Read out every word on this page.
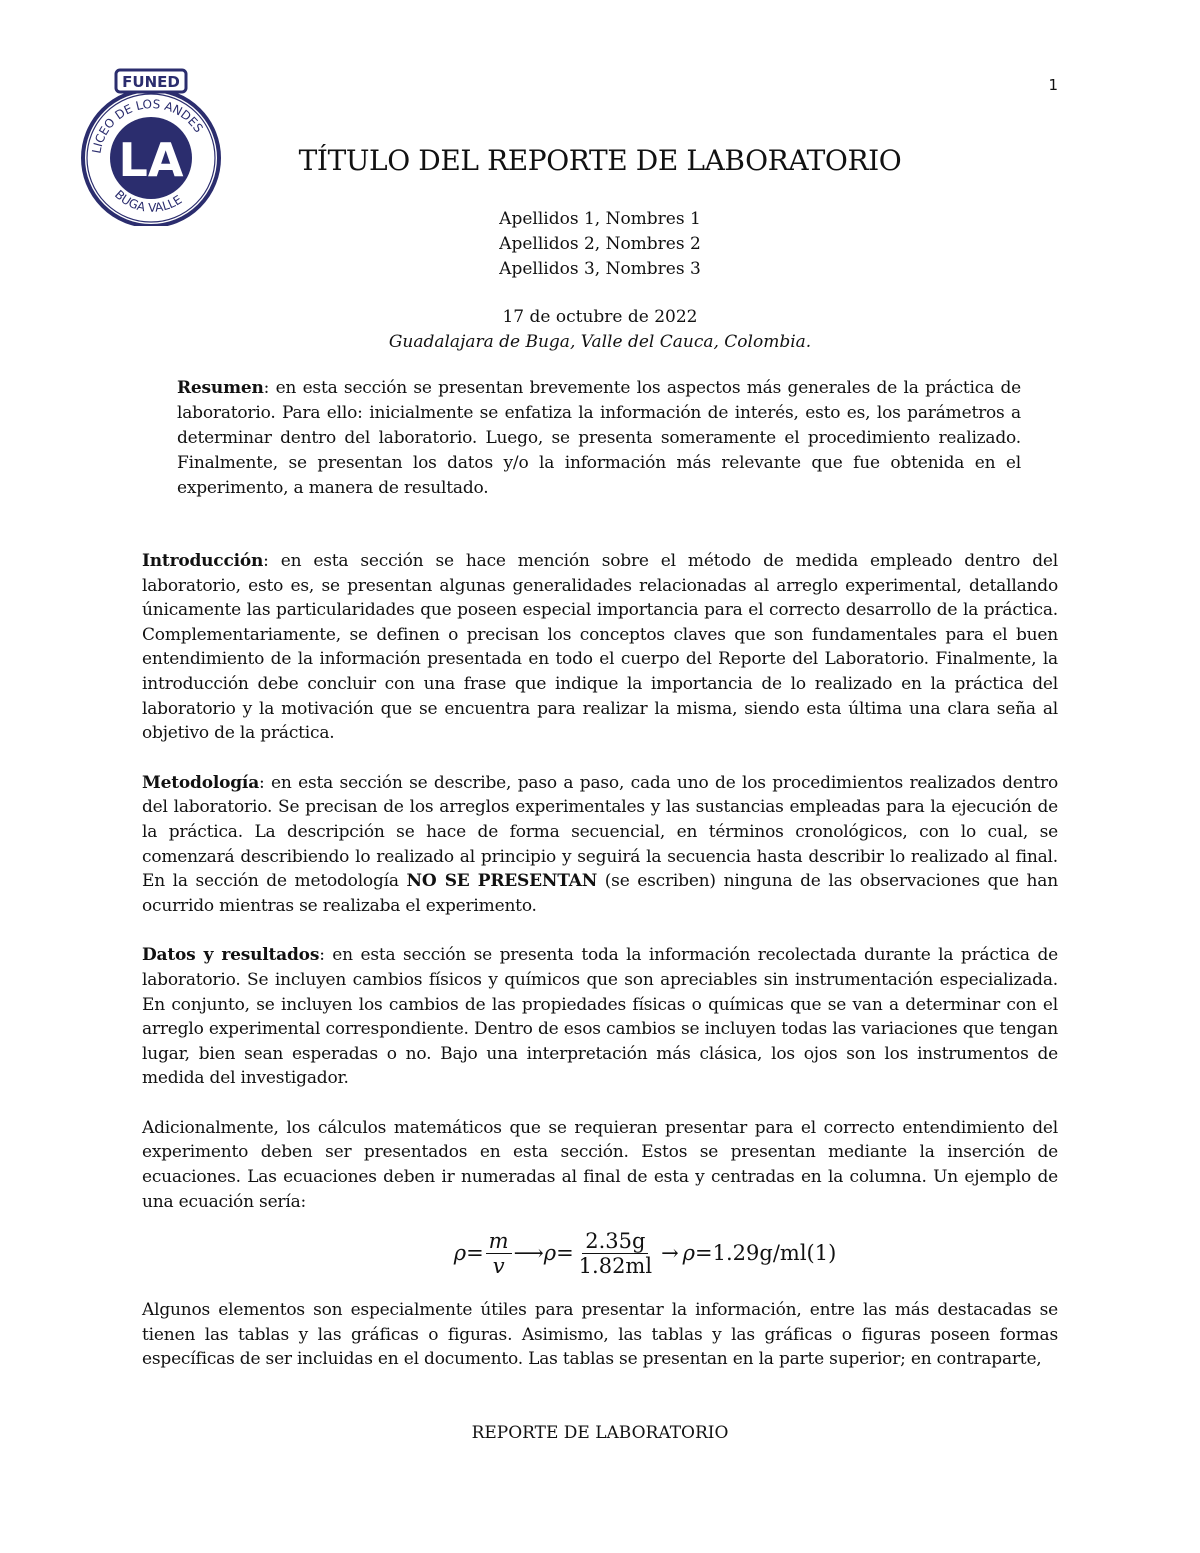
1
FUNED
LICEO DE LOS ANDES
LA
BUGA VALLE
TÍTULO DEL REPORTE DE LABORATORIO
Apellidos 1, Nombres 1
Apellidos 2, Nombres 2
Apellidos 3, Nombres 3
17 de octubre de 2022
Guadalajara de Buga, Valle del Cauca, Colombia.

Resumen: en esta sección se presentan brevemente los aspectos más generales de la práctica de laboratorio. Para ello: inicialmente se enfatiza la información de interés, esto es, los parámetros a determinar dentro del laboratorio. Luego, se presenta someramente el procedimiento realizado. Finalmente, se presentan los datos y/o la información más relevante que fue obtenida en el experimento, a manera de resultado.

Introducción: en esta sección se hace mención sobre el método de medida empleado dentro del laboratorio, esto es, se presentan algunas generalidades relacionadas al arreglo experimental, detallando únicamente las particularidades que poseen especial importancia para el correcto desarrollo de la práctica. Complementariamente, se definen o precisan los conceptos claves que son fundamentales para el buen entendimiento de la información presentada en todo el cuerpo del Reporte del Laboratorio. Finalmente, la introducción debe concluir con una frase que indique la importancia de lo realizado en la práctica del laboratorio y la motivación que se encuentra para realizar la misma, siendo esta última una clara seña al objetivo de la práctica.

Metodología: en esta sección se describe, paso a paso, cada uno de los procedimientos realizados dentro del laboratorio. Se precisan de los arreglos experimentales y las sustancias empleadas para la ejecución de la práctica. La descripción se hace de forma secuencial, en términos cronológicos, con lo cual, se comenzará describiendo lo realizado al principio y seguirá la secuencia hasta describir lo realizado al final. En la sección de metodología NO SE PRESENTAN (se escriben) ninguna de las observaciones que han ocurrido mientras se realizaba el experimento.

Datos y resultados: en esta sección se presenta toda la información recolectada durante la práctica de laboratorio. Se incluyen cambios físicos y químicos que son apreciables sin instrumentación especializada. En conjunto, se incluyen los cambios de las propiedades físicas o químicas que se van a determinar con el arreglo experimental correspondiente. Dentro de esos cambios se incluyen todas las variaciones que tengan lugar, bien sean esperadas o no. Bajo una interpretación más clásica, los ojos son los instrumentos de medida del investigador.

Adicionalmente, los cálculos matemáticos que se requieran presentar para el correcto entendimiento del experimento deben ser presentados en esta sección. Estos se presentan mediante la inserción de ecuaciones. Las ecuaciones deben ir numeradas al final de esta y centradas en la columna. Un ejemplo de una ecuación sería:

$\rho = \frac{m}{v}$ ⟶ $\rho = \frac{2.35g}{1.82ml} \to \rho =1.29g/ml$ (1)

Algunos elementos son especialmente útiles para presentar la información, entre las más destacadas se tienen las tablas y las gráficas o figuras. Asimismo, las tablas y las gráficas o figuras poseen formas específicas de ser incluidas en el documento. Las tablas se presentan en la parte superior; en contraparte,

REPORTE DE LABORATORIO
